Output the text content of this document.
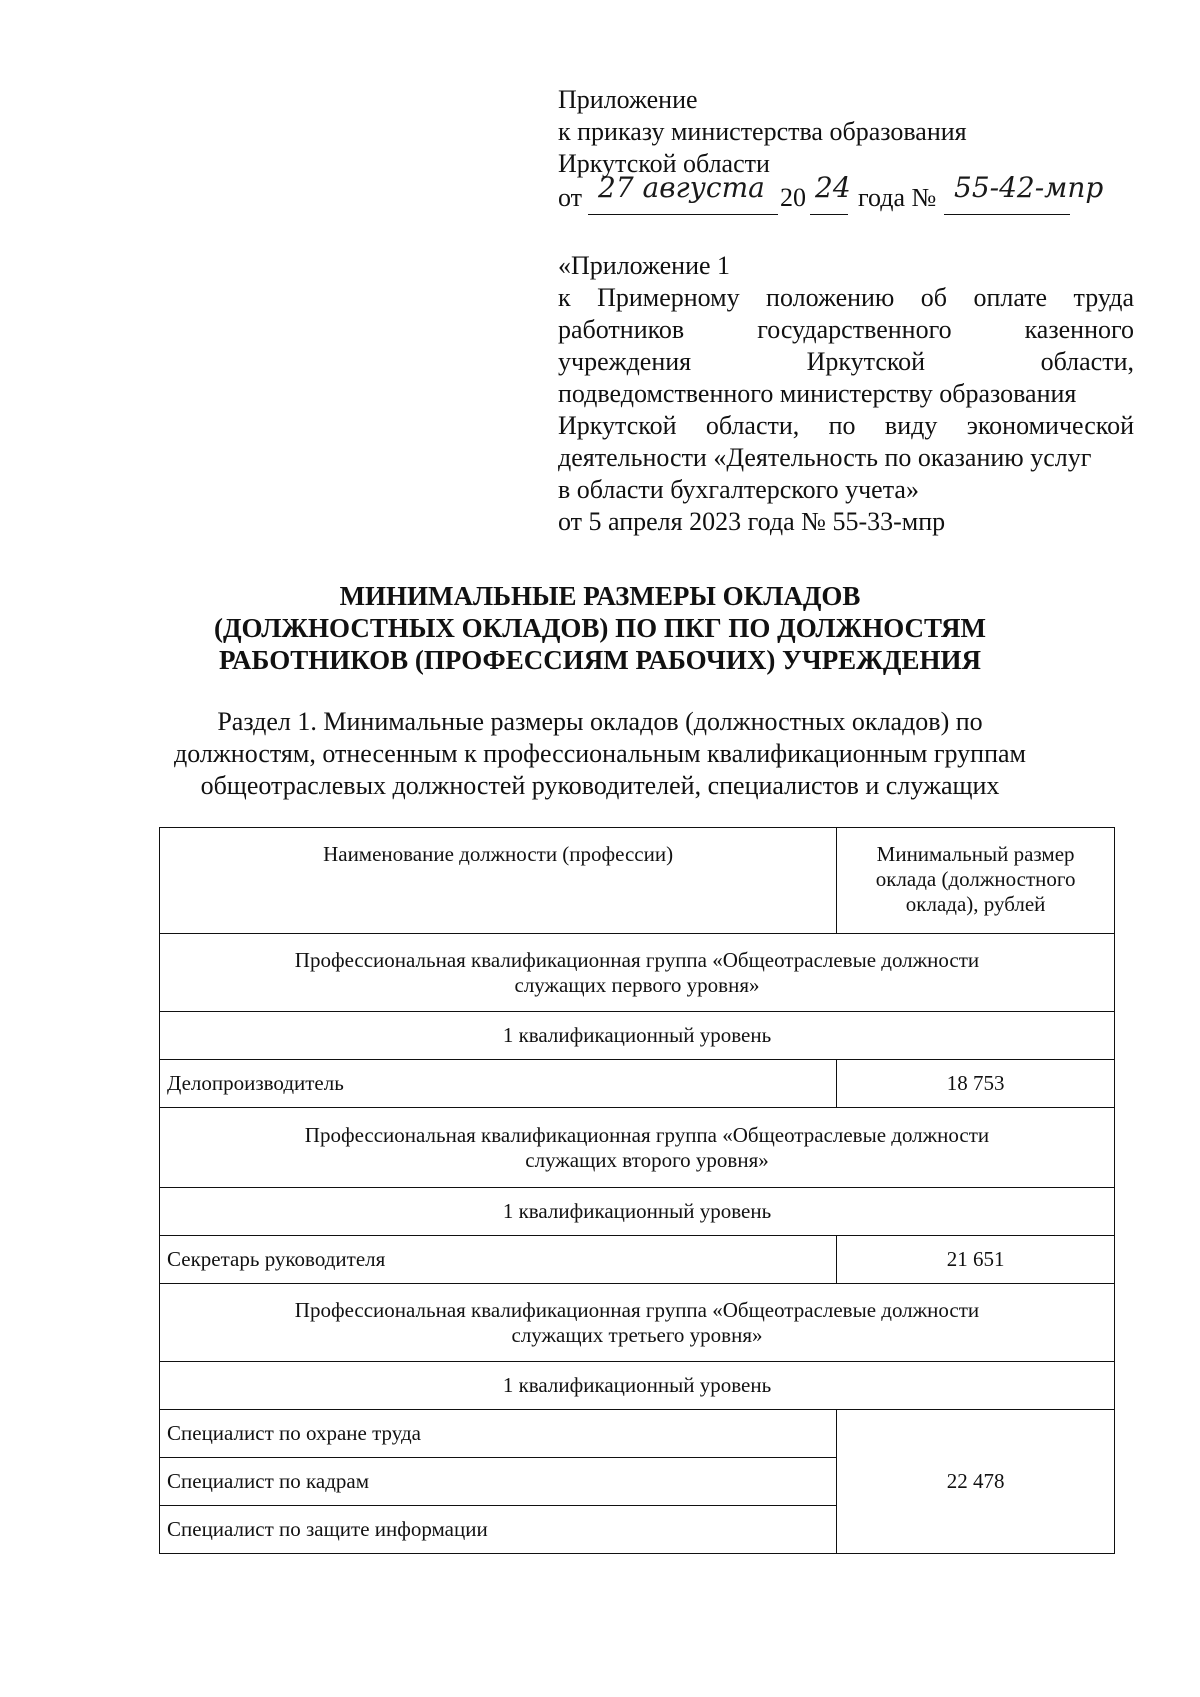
Приложение
к приказу министерства образования
Иркутской области
от 27 августа 20 24 года № 55-42-мпр
«Приложение 1
к Примерному положению об оплате труда
работников	государственного	казенного
учреждения	Иркутской	области,
подведомственного министерству образования
Иркутской области, по виду экономической
деятельности «Деятельность по оказанию услуг
в области бухгалтерского учета»
от 5 апреля 2023 года № 55-33-мпр
МИНИМАЛЬНЫЕ РАЗМЕРЫ ОКЛАДОВ
(ДОЛЖНОСТНЫХ ОКЛАДОВ) ПО ПКГ ПО ДОЛЖНОСТЯМ
РАБОТНИКОВ (ПРОФЕССИЯМ РАБОЧИХ) УЧРЕЖДЕНИЯ
Раздел 1. Минимальные размеры окладов (должностных окладов) по
должностям, отнесенным к профессиональным квалификационным группам
общеотраслевых должностей руководителей, специалистов и служащих
Наименование должности (профессии)	Минимальный размер оклада (должностного оклада), рублей
Профессиональная квалификационная группа «Общеотраслевые должности служащих первого уровня»	
1 квалификационный уровень	
Делопроизводитель	18 753
Профессиональная квалификационная группа «Общеотраслевые должности служащих второго уровня»	
1 квалификационный уровень	
Секретарь руководителя	21 651
Профессиональная квалификационная группа «Общеотраслевые должности служащих третьего уровня»	
1 квалификационный уровень	
Специалист по охране труда	22 478
Специалист по кадрам	
Специалист по защите информации	
